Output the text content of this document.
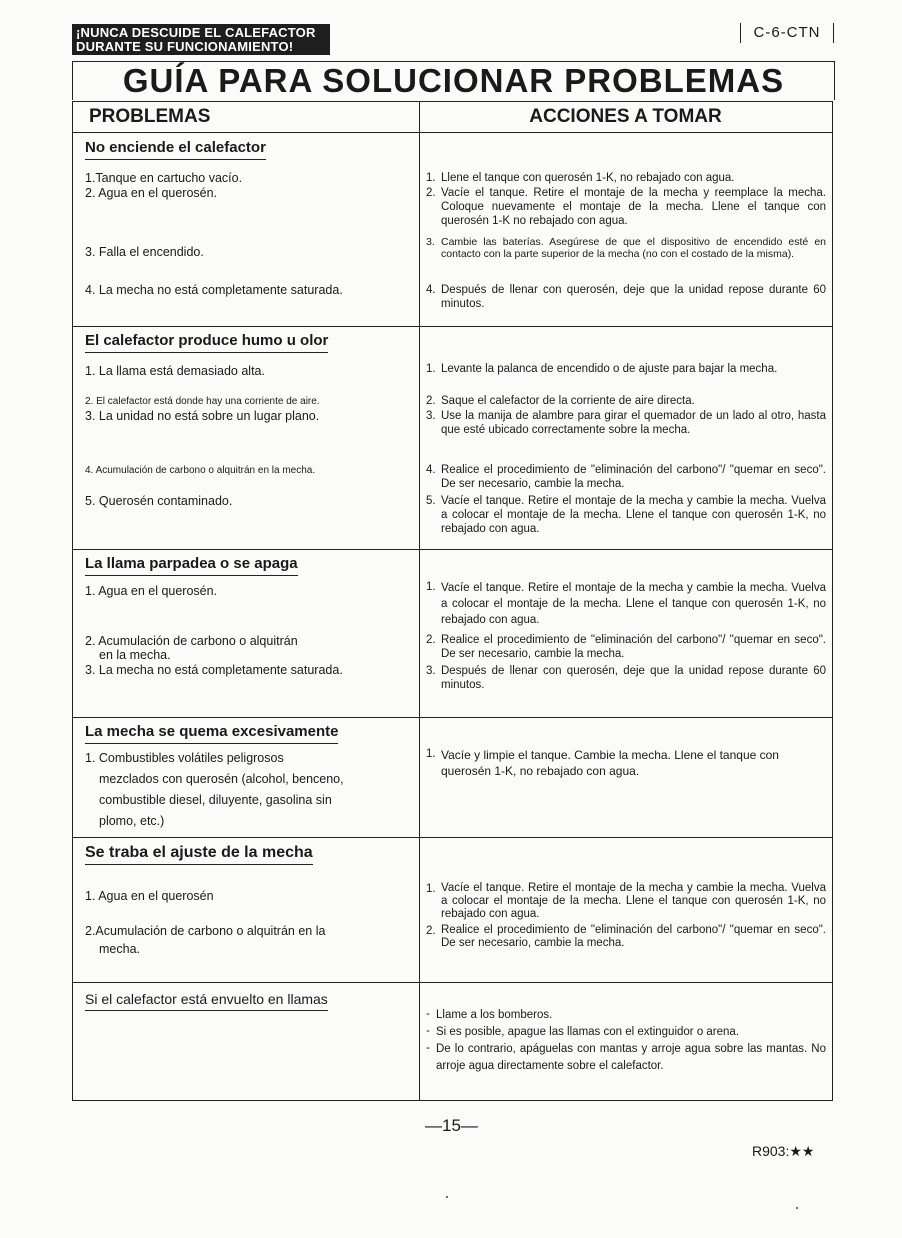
¡NUNCA DESCUIDE EL CALEFACTOR
DURANTE SU FUNCIONAMIENTO!
C-6-CTN
GUÍA PARA SOLUCIONAR PROBLEMAS
PROBLEMAS	ACCIONES A TOMAR
No enciende el calefactor
1.Tanque en cartucho vacío.
2. Agua en el querosén.
3. Falla el encendido.
4. La mecha no está completamente saturada.
1. Llene el tanque con querosén 1-K, no rebajado con agua.
2. Vacíe el tanque. Retire el montaje de la mecha y reemplace la mecha. Coloque nuevamente el montaje de la mecha. Llene el tanque con querosén 1-K no rebajado con agua.
3. Cambie las baterías. Asegúrese de que el dispositivo de encendido esté en contacto con la parte superior de la mecha (no con el costado de la misma).
4. Después de llenar con querosén, deje que la unidad repose durante 60 minutos.
El calefactor produce humo u olor
1. La llama está demasiado alta.
2. El calefactor está donde hay una corriente de aire.
3. La unidad no está sobre un lugar plano.
4. Acumulación de carbono o alquitrán en la mecha.
5. Querosén contaminado.
1. Levante la palanca de encendido o de ajuste para bajar la mecha.
2. Saque el calefactor de la corriente de aire directa.
3. Use la manija de alambre para girar el quemador de un lado al otro, hasta que esté ubicado correctamente sobre la mecha.
4. Realice el procedimiento de "eliminación del carbono"/ "quemar en seco". De ser necesario, cambie la mecha.
5. Vacíe el tanque. Retire el montaje de la mecha y cambie la mecha. Vuelva a colocar el montaje de la mecha. Llene el tanque con querosén 1-K, no rebajado con agua.
La llama parpadea o se apaga
1. Agua en el querosén.
2. Acumulación de carbono o alquitrán
en la mecha.
3. La mecha no está completamente saturada.
1. Vacíe el tanque. Retire el montaje de la mecha y cambie la mecha. Vuelva a colocar el montaje de la mecha. Llene el tanque con querosén 1-K, no rebajado con agua.
2. Realice el procedimiento de "eliminación del carbono"/ "quemar en seco". De ser necesario, cambie la mecha.
3. Después de llenar con querosén, deje que la unidad repose durante 60 minutos.
La mecha se quema excesivamente
1. Combustibles volátiles peligrosos
mezclados con querosén (alcohol, benceno,
combustible diesel, diluyente, gasolina sin
plomo, etc.)
1. Vacíe y limpie el tanque. Cambie la mecha. Llene el tanque con querosén 1-K, no rebajado con agua.
Se traba el ajuste de la mecha
1. Agua en el querosén
2.Acumulación de carbono o alquitrán en la
mecha.
1. Vacíe el tanque. Retire el montaje de la mecha y cambie la mecha. Vuelva a colocar el montaje de la mecha. Llene el tanque con querosén 1-K, no rebajado con agua.
2. Realice el procedimiento de "eliminación del carbono"/ "quemar en seco". De ser necesario, cambie la mecha.
Si el calefactor está envuelto en llamas
- Llame a los bomberos.
- Si es posible, apague las llamas con el extinguidor o arena.
- De lo contrario, apáguelas con mantas y arroje agua sobre las mantas. No arroje agua directamente sobre el calefactor.
—15—
R903:★★
